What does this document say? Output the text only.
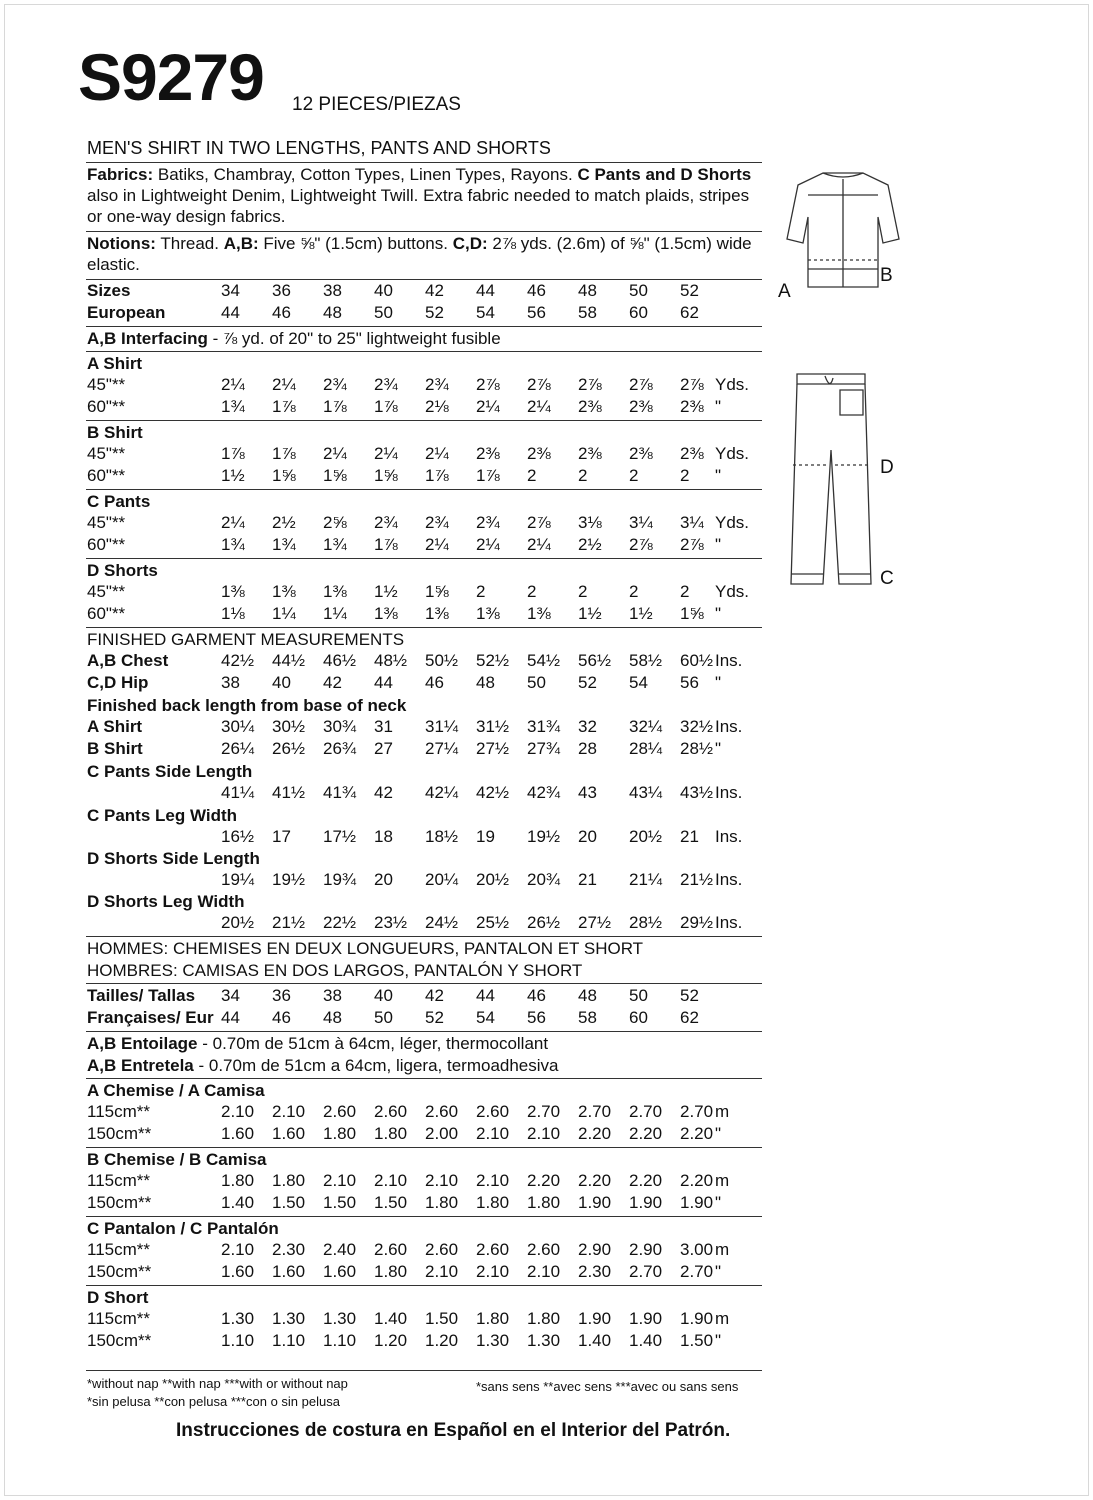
S9279 12 PIECES/PIEZAS
MEN'S SHIRT IN TWO LENGTHS, PANTS AND SHORTS
Fabrics: Batiks, Chambray, Cotton Types, Linen Types, Rayons. C Pants and D Shorts also in Lightweight Denim, Lightweight Twill. Extra fabric needed to match plaids, stripes or one-way design fabrics.
Notions: Thread. A,B: Five ⅝" (1.5cm) buttons. C,D: 2⅞ yds. (2.6m) of ⅝" (1.5cm) wide elastic.
Sizes	34 36 38 40 42 44 46 48 50 52
European	44 46 48 50 52 54 56 58 60 62
A,B Interfacing - ⅞ yd. of 20" to 25" lightweight fusible
A Shirt
45"**	2¼ 2¼ 2¾ 2¾ 2¾ 2⅞ 2⅞ 2⅞ 2⅞ 2⅞ Yds.
60"**	1¾ 1⅞ 1⅞ 1⅞ 2⅛ 2¼ 2¼ 2⅜ 2⅜ 2⅜ "
B Shirt
45"**	1⅞ 1⅞ 2¼ 2¼ 2¼ 2⅜ 2⅜ 2⅜ 2⅜ 2⅜ Yds.
60"**	1½ 1⅝ 1⅝ 1⅝ 1⅞ 1⅞ 2 2 2 2 "
C Pants
45"**	2¼ 2½ 2⅝ 2¾ 2¾ 2¾ 2⅞ 3⅛ 3¼ 3¼ Yds.
60"**	1¾ 1¾ 1¾ 1⅞ 2¼ 2¼ 2¼ 2½ 2⅞ 2⅞ "
D Shorts
45"**	1⅜ 1⅜ 1⅜ 1½ 1⅝ 2 2 2 2 2 Yds.
60"**	1⅛ 1¼ 1¼ 1⅜ 1⅜ 1⅜ 1⅜ 1½ 1½ 1⅝ "
FINISHED GARMENT MEASUREMENTS
A,B Chest	42½ 44½ 46½ 48½ 50½ 52½ 54½ 56½ 58½ 60½ Ins.
C,D Hip	38 40 42 44 46 48 50 52 54 56 "
Finished back length from base of neck
A Shirt	30¼ 30½ 30¾ 31 31¼ 31½ 31¾ 32 32¼ 32½ Ins.
B Shirt	26¼ 26½ 26¾ 27 27¼ 27½ 27¾ 28 28¼ 28½ "
C Pants Side Length
41¼ 41½ 41¾ 42 42¼ 42½ 42¾ 43 43¼ 43½ Ins.
C Pants Leg Width
16½ 17 17½ 18 18½ 19 19½ 20 20½ 21 Ins.
D Shorts Side Length
19¼ 19½ 19¾ 20 20¼ 20½ 20¾ 21 21¼ 21½ Ins.
D Shorts Leg Width
20½ 21½ 22½ 23½ 24½ 25½ 26½ 27½ 28½ 29½ Ins.
HOMMES: CHEMISES EN DEUX LONGUEURS, PANTALON ET SHORT
HOMBRES: CAMISAS EN DOS LARGOS, PANTALÓN Y SHORT
Tailles/ Tallas 34 36 38 40 42 44 46 48 50 52
Françaises/ Eur 44 46 48 50 52 54 56 58 60 62
A,B Entoilage - 0.70m de 51cm à 64cm, léger, thermocollant
A,B Entretela - 0.70m de 51cm a 64cm, ligera, termoadhesiva
A Chemise / A Camisa
115cm**	2.10 2.10 2.60 2.60 2.60 2.60 2.70 2.70 2.70 2.70 m
150cm**	1.60 1.60 1.80 1.80 2.00 2.10 2.10 2.20 2.20 2.20 "
B Chemise / B Camisa
115cm**	1.80 1.80 2.10 2.10 2.10 2.10 2.20 2.20 2.20 2.20 m
150cm**	1.40 1.50 1.50 1.50 1.80 1.80 1.80 1.90 1.90 1.90 "
C Pantalon / C Pantalón
115cm**	2.10 2.30 2.40 2.60 2.60 2.60 2.60 2.90 2.90 3.00 m
150cm**	1.60 1.60 1.60 1.80 2.10 2.10 2.10 2.30 2.70 2.70 "
D Short
115cm**	1.30 1.30 1.30 1.40 1.50 1.80 1.80 1.90 1.90 1.90 m
150cm**	1.10 1.10 1.10 1.20 1.20 1.30 1.30 1.40 1.40 1.50 "
A
B
D
C
*without nap **with nap ***with or without nap
*sin pelusa **con pelusa ***con o sin pelusa
*sans sens **avec sens ***avec ou sans sens
Instrucciones de costura en Español en el Interior del Patrón.
